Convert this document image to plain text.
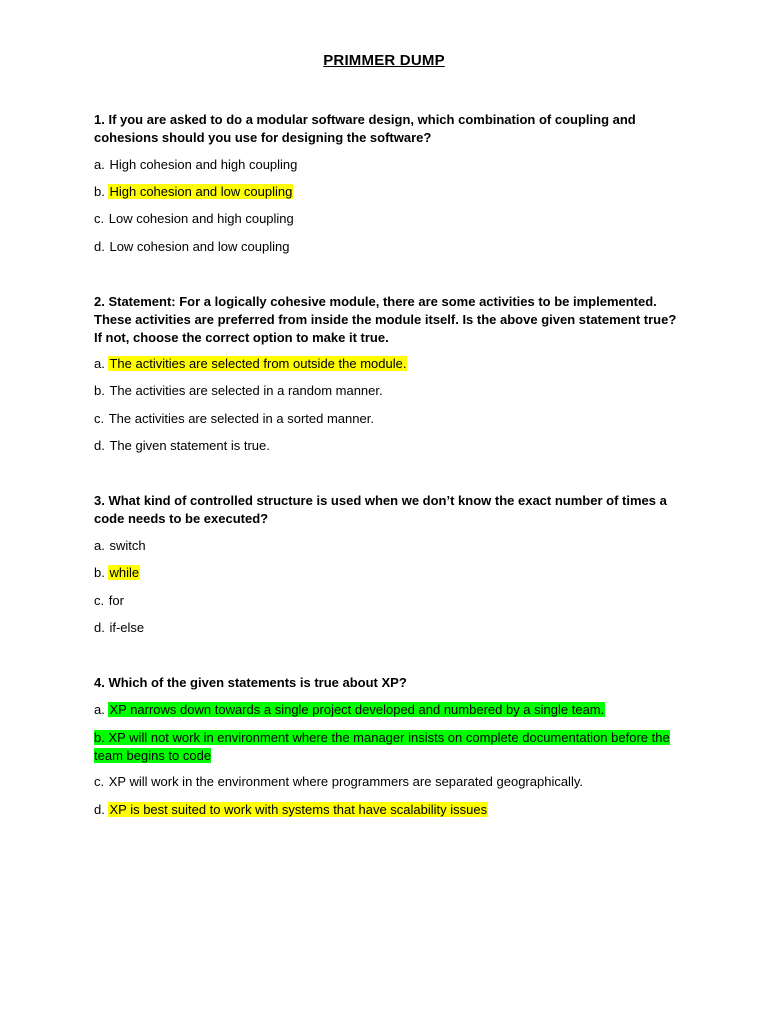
PRIMMER DUMP
1. If you are asked to do a modular software design, which combination of coupling and cohesions should you use for designing the software?
a. High cohesion and high coupling
b. High cohesion and low coupling
c. Low cohesion and high coupling
d. Low cohesion and low coupling
2. Statement: For a logically cohesive module, there are some activities to be implemented. These activities are preferred from inside the module itself. Is the above given statement true? If not, choose the correct option to make it true.
a. The activities are selected from outside the module.
b. The activities are selected in a random manner.
c. The activities are selected in a sorted manner.
d. The given statement is true.
3. What kind of controlled structure is used when we don’t know the exact number of times a code needs to be executed?
a. switch
b. while
c. for
d. if-else
4. Which of the given statements is true about XP?
a. XP narrows down towards a single project developed and numbered by a single team.
b. XP will not work in environment where the manager insists on complete documentation before the team begins to code
c. XP will work in the environment where programmers are separated geographically.
d. XP is best suited to work with systems that have scalability issues
